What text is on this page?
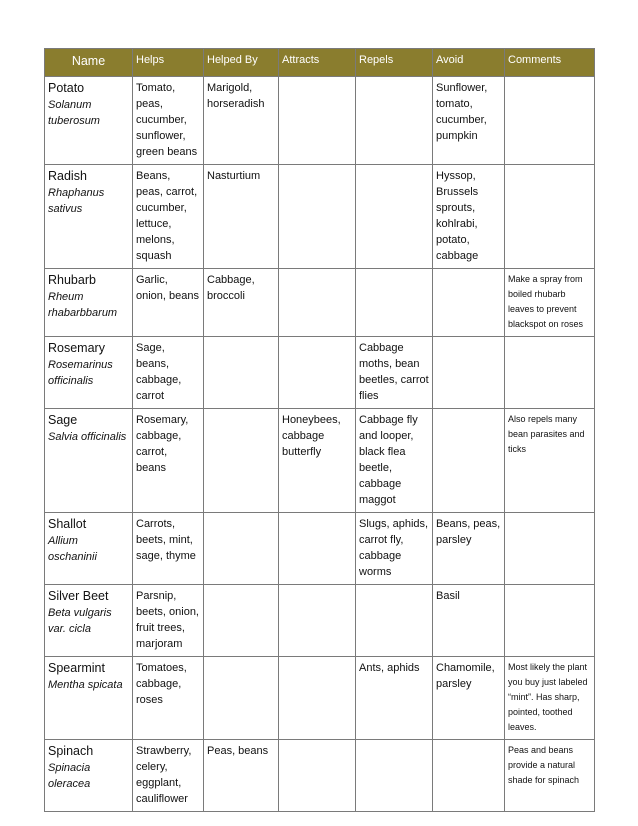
Name	Helps	Helped By	Attracts	Repels	Avoid	Comments

Potato
Solanum tuberosum	Tomato, peas, cucumber, sunflower, green beans	Marigold, horseradish			Sunflower, tomato, cucumber, pumpkin	

Radish
Rhaphanus sativus	Beans, peas, carrot, cucumber, lettuce, melons, squash	Nasturtium			Hyssop, Brussels sprouts, kohlrabi, potato, cabbage	

Rhubarb
Rheum rhabarbbarum	Garlic, onion, beans	Cabbage, broccoli				Make a spray from boiled rhubarb leaves to prevent blackspot on roses

Rosemary
Rosemarinus officinalis	Sage, beans, cabbage, carrot			Cabbage moths, bean beetles, carrot flies		

Sage
Salvia officinalis	Rosemary, cabbage, carrot, beans		Honeybees, cabbage butterfly	Cabbage fly and looper, black flea beetle, cabbage maggot		Also repels many bean parasites and ticks

Shallot
Allium oschaninii	Carrots, beets, mint, sage, thyme			Slugs, aphids, carrot fly, cabbage worms	Beans, peas, parsley	

Silver Beet
Beta vulgaris var. cicla	Parsnip, beets, onion, fruit trees, marjoram				Basil	

Spearmint
Mentha spicata	Tomatoes, cabbage, roses			Ants, aphids	Chamomile, parsley	Most likely the plant you buy just labeled “mint”. Has sharp, pointed, toothed leaves.

Spinach
Spinacia oleracea	Strawberry, celery, eggplant, cauliflower	Peas, beans				Peas and beans provide a natural shade for spinach
